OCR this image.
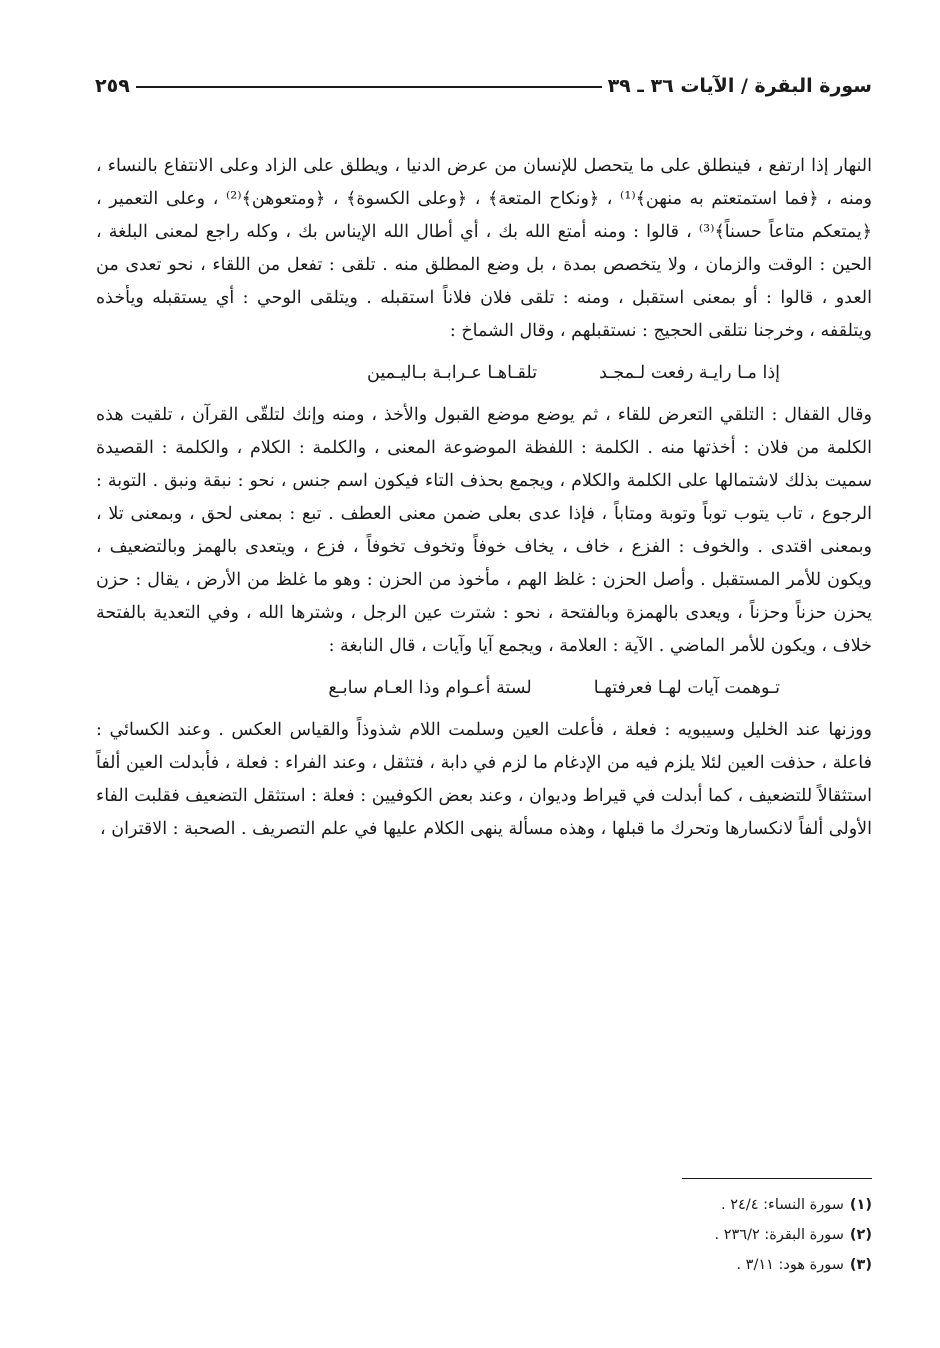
سورة البقرة / الآيات ٣٦ ـ ٣٩
٢٥٩

النهار إذا ارتفع ، فينطلق على ما يتحصل للإنسان من عرض الدنيا ، ويطلق على الزاد وعلى الانتفاع بالنساء ، ومنه ، ﴿فما استمتعتم به منهن﴾⁽¹⁾ ، ﴿ونكاح المتعة﴾ ، ﴿وعلى الكسوة﴾ ، ﴿ومتعوهن﴾⁽²⁾ ، وعلى التعمير ، ﴿يمتعكم متاعاً حسناً﴾⁽³⁾ ، قالوا : ومنه أمتع الله بك ، أي أطال الله الإيناس بك ، وكله راجع لمعنى البلغة ، الحين : الوقت والزمان ، ولا يتخصص بمدة ، بل وضع المطلق منه . تلقى : تفعل من اللقاء ، نحو تعدى من العدو ، قالوا : أو بمعنى استقبل ، ومنه : تلقى فلان فلاناً استقبله . ويتلقى الوحي : أي يستقبله ويأخذه ويتلقفه ، وخرجنا نتلقى الحجيج : نستقبلهم ، وقال الشماخ :

إذا مـا رايـة رفعت لـمجـد
تلقـاهـا عـرابـة بـاليـمين

وقال القفال : التلقي التعرض للقاء ، ثم يوضع موضع القبول والأخذ ، ومنه وإنك لتلقّى القرآن ، تلقيت هذه الكلمة من فلان : أخذتها منه . الكلمة : اللفظة الموضوعة المعنى ، والكلمة : الكلام ، والكلمة : القصيدة سميت بذلك لاشتمالها على الكلمة والكلام ، ويجمع بحذف التاء فيكون اسم جنس ، نحو : نبقة ونبق . التوبة : الرجوع ، تاب يتوب توباً وتوبة ومتاباً ، فإذا عدى بعلى ضمن معنى العطف . تبع : بمعنى لحق ، وبمعنى تلا ، وبمعنى اقتدى . والخوف : الفزع ، خاف ، يخاف خوفاً وتخوف تخوفاً ، فزع ، ويتعدى بالهمز وبالتضعيف ، ويكون للأمر المستقبل . وأصل الحزن : غلظ الهم ، مأخوذ من الحزن : وهو ما غلظ من الأرض ، يقال : حزن يحزن حزناً وحزناً ، ويعدى بالهمزة وبالفتحة ، نحو : شترت عين الرجل ، وشترها الله ، وفي التعدية بالفتحة خلاف ، ويكون للأمر الماضي . الآية : العلامة ، ويجمع آيا وآيات ، قال النابغة :

تـوهمت آيات لهـا فعرفتهـا
لستة أعـوام وذا العـام سابـع

ووزنها عند الخليل وسيبويه : فعلة ، فأعلت العين وسلمت اللام شذوذاً والقياس العكس . وعند الكسائي : فاعلة ، حذفت العين لئلا يلزم فيه من الإدغام ما لزم في دابة ، فتثقل ، وعند الفراء : فعلة ، فأبدلت العين ألفاً استثقالاً للتضعيف ، كما أبدلت في قيراط وديوان ، وعند بعض الكوفيين : فعلة : استثقل التضعيف فقلبت الفاء الأولى ألفاً لانكسارها وتحرك ما قبلها ، وهذه مسألة ينهى الكلام عليها في علم التصريف . الصحبة : الاقتران ،

(١)سورة النساء: ٢٤/٤ .
(٢)سورة البقرة: ٢٣٦/٢ .
(٣)سورة هود: ٣/١١ .
